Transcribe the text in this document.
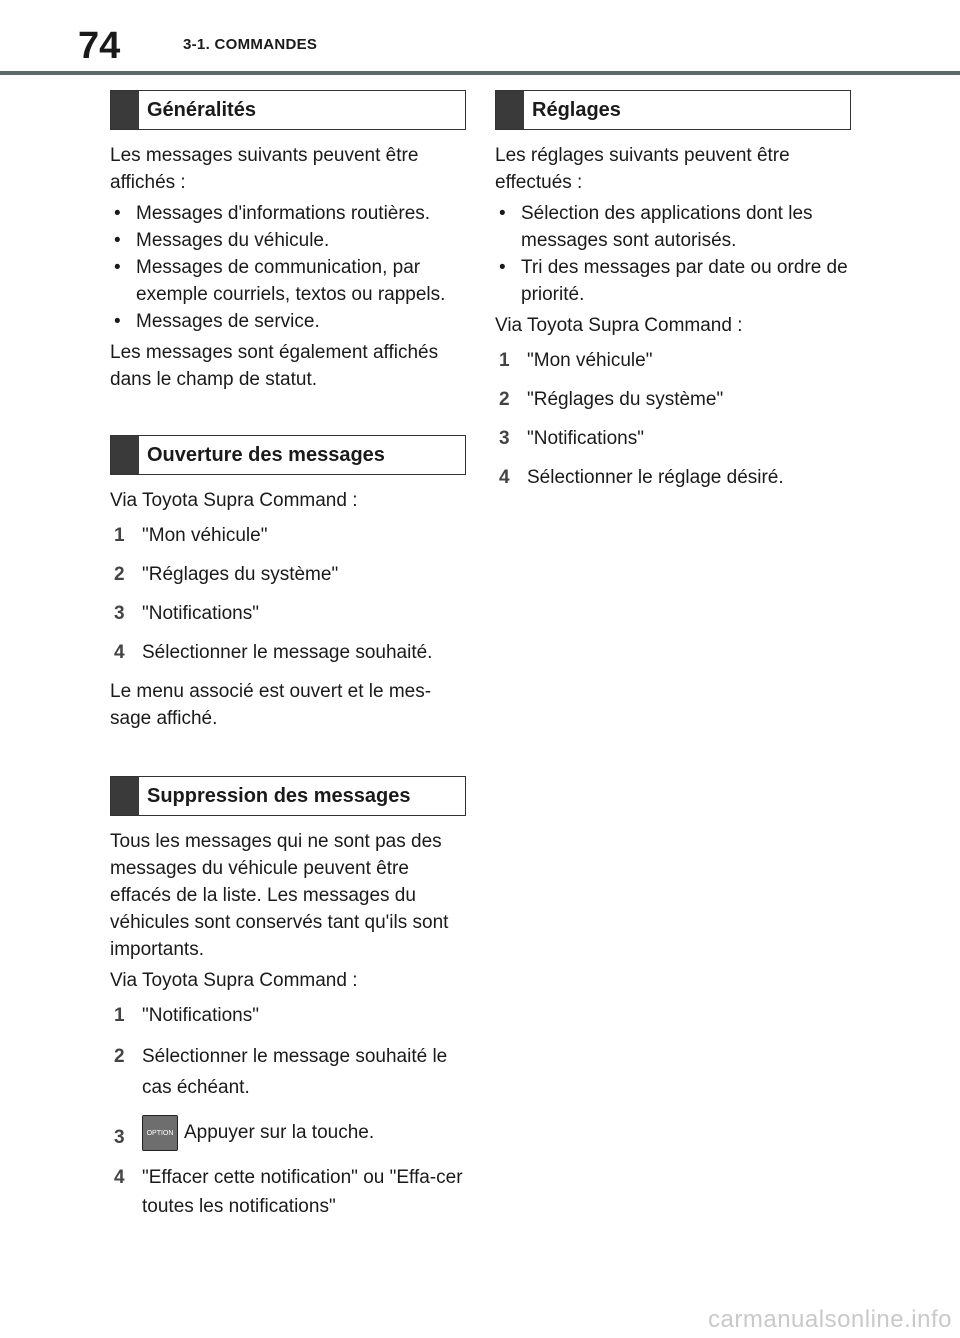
74	3-1. COMMANDES
Généralités

Les messages suivants peuvent être affichés :

• Messages d'informations routières.
• Messages du véhicule.
• Messages de communication, par exemple courriels, textos ou rappels.
• Messages de service.

Les messages sont également affichés dans le champ de statut.

Ouverture des messages

Via Toyota Supra Command :

1 "Mon véhicule"
2 "Réglages du système"
3 "Notifications"
4 Sélectionner le message souhaité.

Le menu associé est ouvert et le mes-sage affiché.

Suppression des messages

Tous les messages qui ne sont pas des messages du véhicule peuvent être effacés de la liste. Les messages du véhicules sont conservés tant qu'ils sont importants.

Via Toyota Supra Command :

1 "Notifications"
2 Sélectionner le message souhaité le cas échéant.
3	OPTION Appuyer sur la touche.
4 "Effacer cette notification" ou "Effa-cer toutes les notifications"
Réglages

Les réglages suivants peuvent être effectués :

• Sélection des applications dont les messages sont autorisés.
• Tri des messages par date ou ordre de priorité.

Via Toyota Supra Command :

1 "Mon véhicule"
2 "Réglages du système"
3 "Notifications"
4 Sélectionner le réglage désiré.
carmanualsonline.info
